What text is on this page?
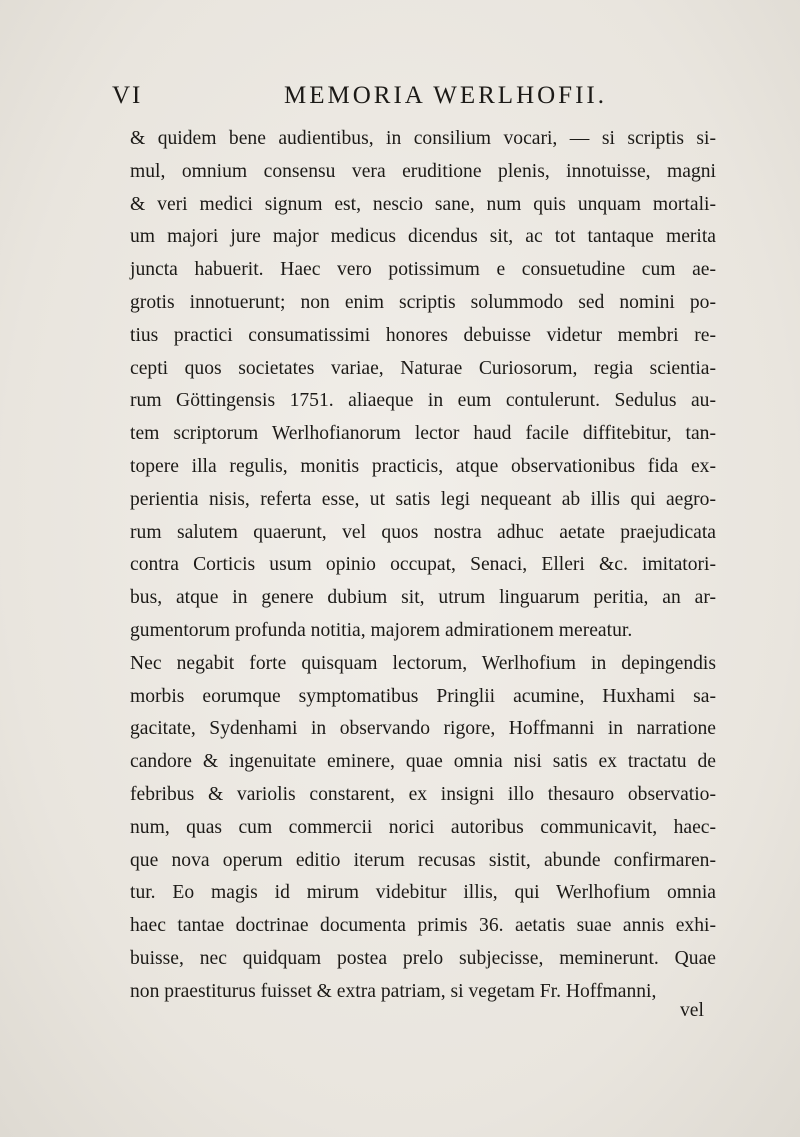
VI	MEMORIA WERLHOFII.
& quidem bene audientibus, in consilium vocari, — si scriptis si-
mul, omnium consensu vera eruditione plenis, innotuisse, magni
& veri medici signum est, nescio sane, num quis unquam mortali-
um majori jure major medicus dicendus sit, ac tot tantaque merita
juncta habuerit. Haec vero potissimum e consuetudine cum ae-
grotis innotuerunt; non enim scriptis solummodo sed nomini po-
tius practici consumatissimi honores debuisse videtur membri re-
cepti quos societates variae, Naturae Curiosorum, regia scientia-
rum Göttingensis 1751. aliaeque in eum contulerunt. Sedulus au-
tem scriptorum Werlhofianorum lector haud facile diffitebitur, tan-
topere illa regulis, monitis practicis, atque observationibus fida ex-
perientia nisis, referta esse, ut satis legi nequeant ab illis qui aegro-
rum salutem quaerunt, vel quos nostra adhuc aetate praejudicata
contra Corticis usum opinio occupat, Senaci, Elleri &c. imitatori-
bus, atque in genere dubium sit, utrum linguarum peritia, an ar-
gumentorum profunda notitia, majorem admirationem mereatur.
Nec negabit forte quisquam lectorum, Werlhofium in depingendis
morbis eorumque symptomatibus Pringlii acumine, Huxhami sa-
gacitate, Sydenhami in observando rigore, Hoffmanni in narratione
candore & ingenuitate eminere, quae omnia nisi satis ex tractatu de
febribus & variolis constarent, ex insigni illo thesauro observatio-
num, quas cum commercii norici autoribus communicavit, haec-
que nova operum editio iterum recusas sistit, abunde confirmaren-
tur. Eo magis id mirum videbitur illis, qui Werlhofium omnia
haec tantae doctrinae documenta primis 36. aetatis suae annis exhi-
buisse, nec quidquam postea prelo subjecisse, meminerunt. Quae
non praestiturus fuisset & extra patriam, si vegetam Fr. Hoffmanni,
vel
